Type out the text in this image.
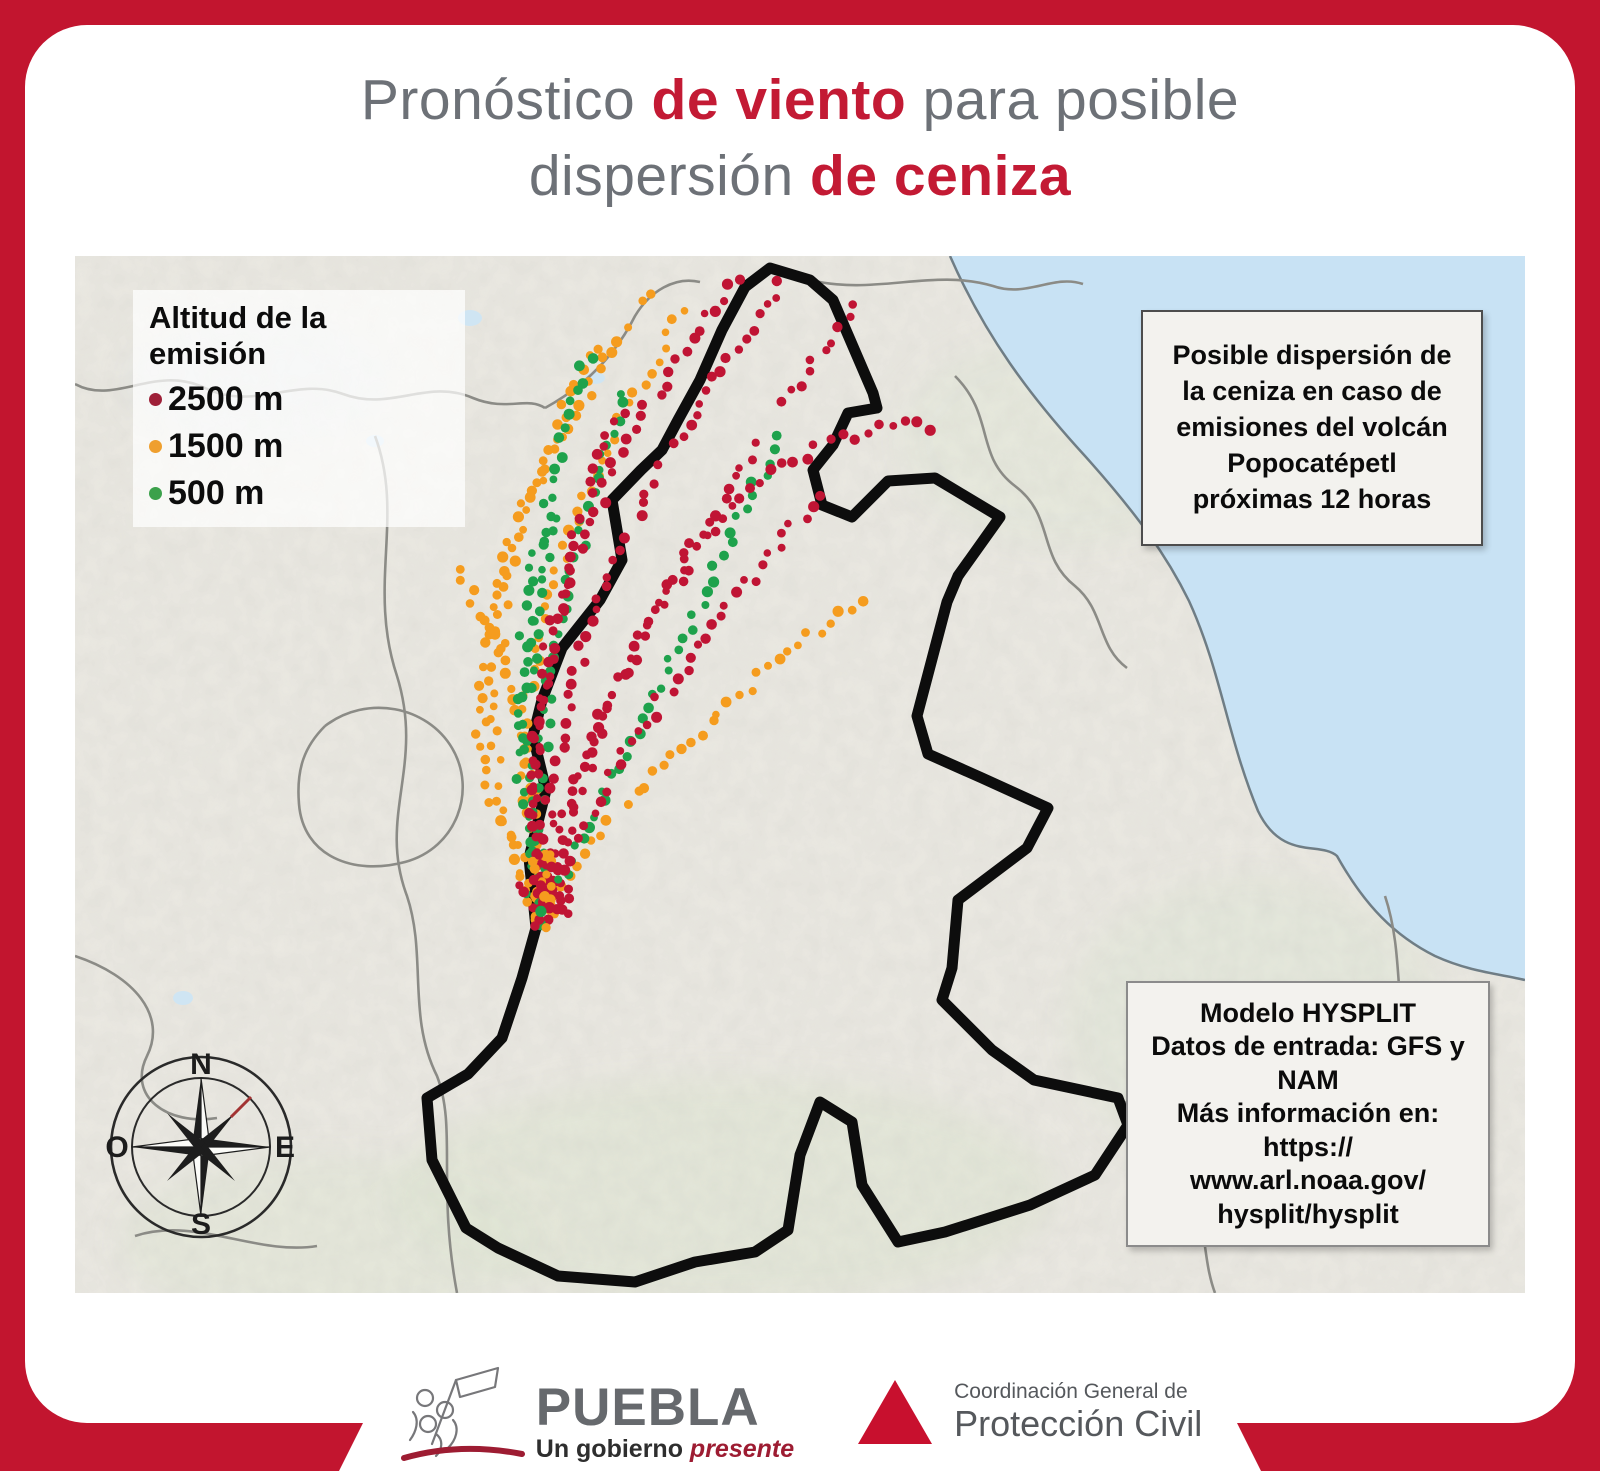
Pronóstico de viento para posible
dispersión de ceniza
Altitud de la emisión
2500 m
1500 m
500 m
Posible dispersión de
la ceniza en caso de
emisiones del volcán
Popocatépetl
próximas 12 horas
Modelo HYSPLIT
Datos de entrada: GFS y
NAM
Más información en:
https://
www.arl.noaa.gov/
hysplit/hysplit
N
S
E
O
PUEBLA
Un gobierno presente
Coordinación General de
Protección Civil
